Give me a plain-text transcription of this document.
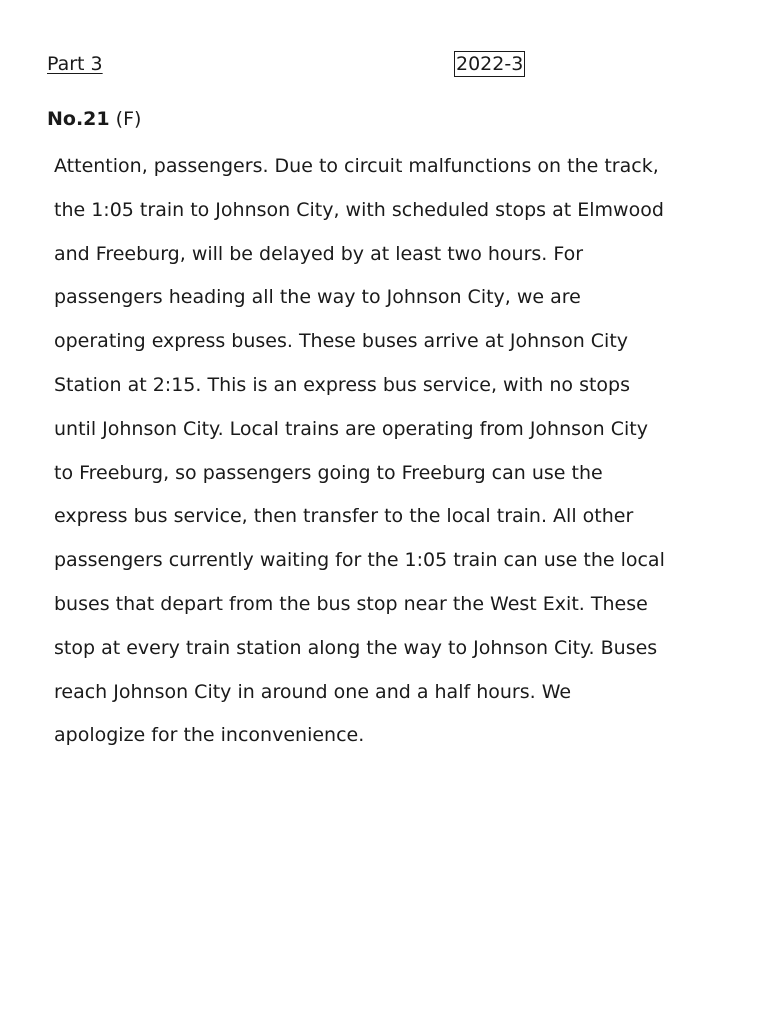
Part 3	2022-3
No.21 (F)
Attention, passengers. Due to circuit malfunctions on the track,
the 1:05 train to Johnson City, with scheduled stops at Elmwood
and Freeburg, will be delayed by at least two hours. For
passengers heading all the way to Johnson City, we are
operating express buses. These buses arrive at Johnson City
Station at 2:15. This is an express bus service, with no stops
until Johnson City. Local trains are operating from Johnson City
to Freeburg, so passengers going to Freeburg can use the
express bus service, then transfer to the local train. All other
passengers currently waiting for the 1:05 train can use the local
buses that depart from the bus stop near the West Exit. These
stop at every train station along the way to Johnson City. Buses
reach Johnson City in around one and a half hours. We
apologize for the inconvenience.
